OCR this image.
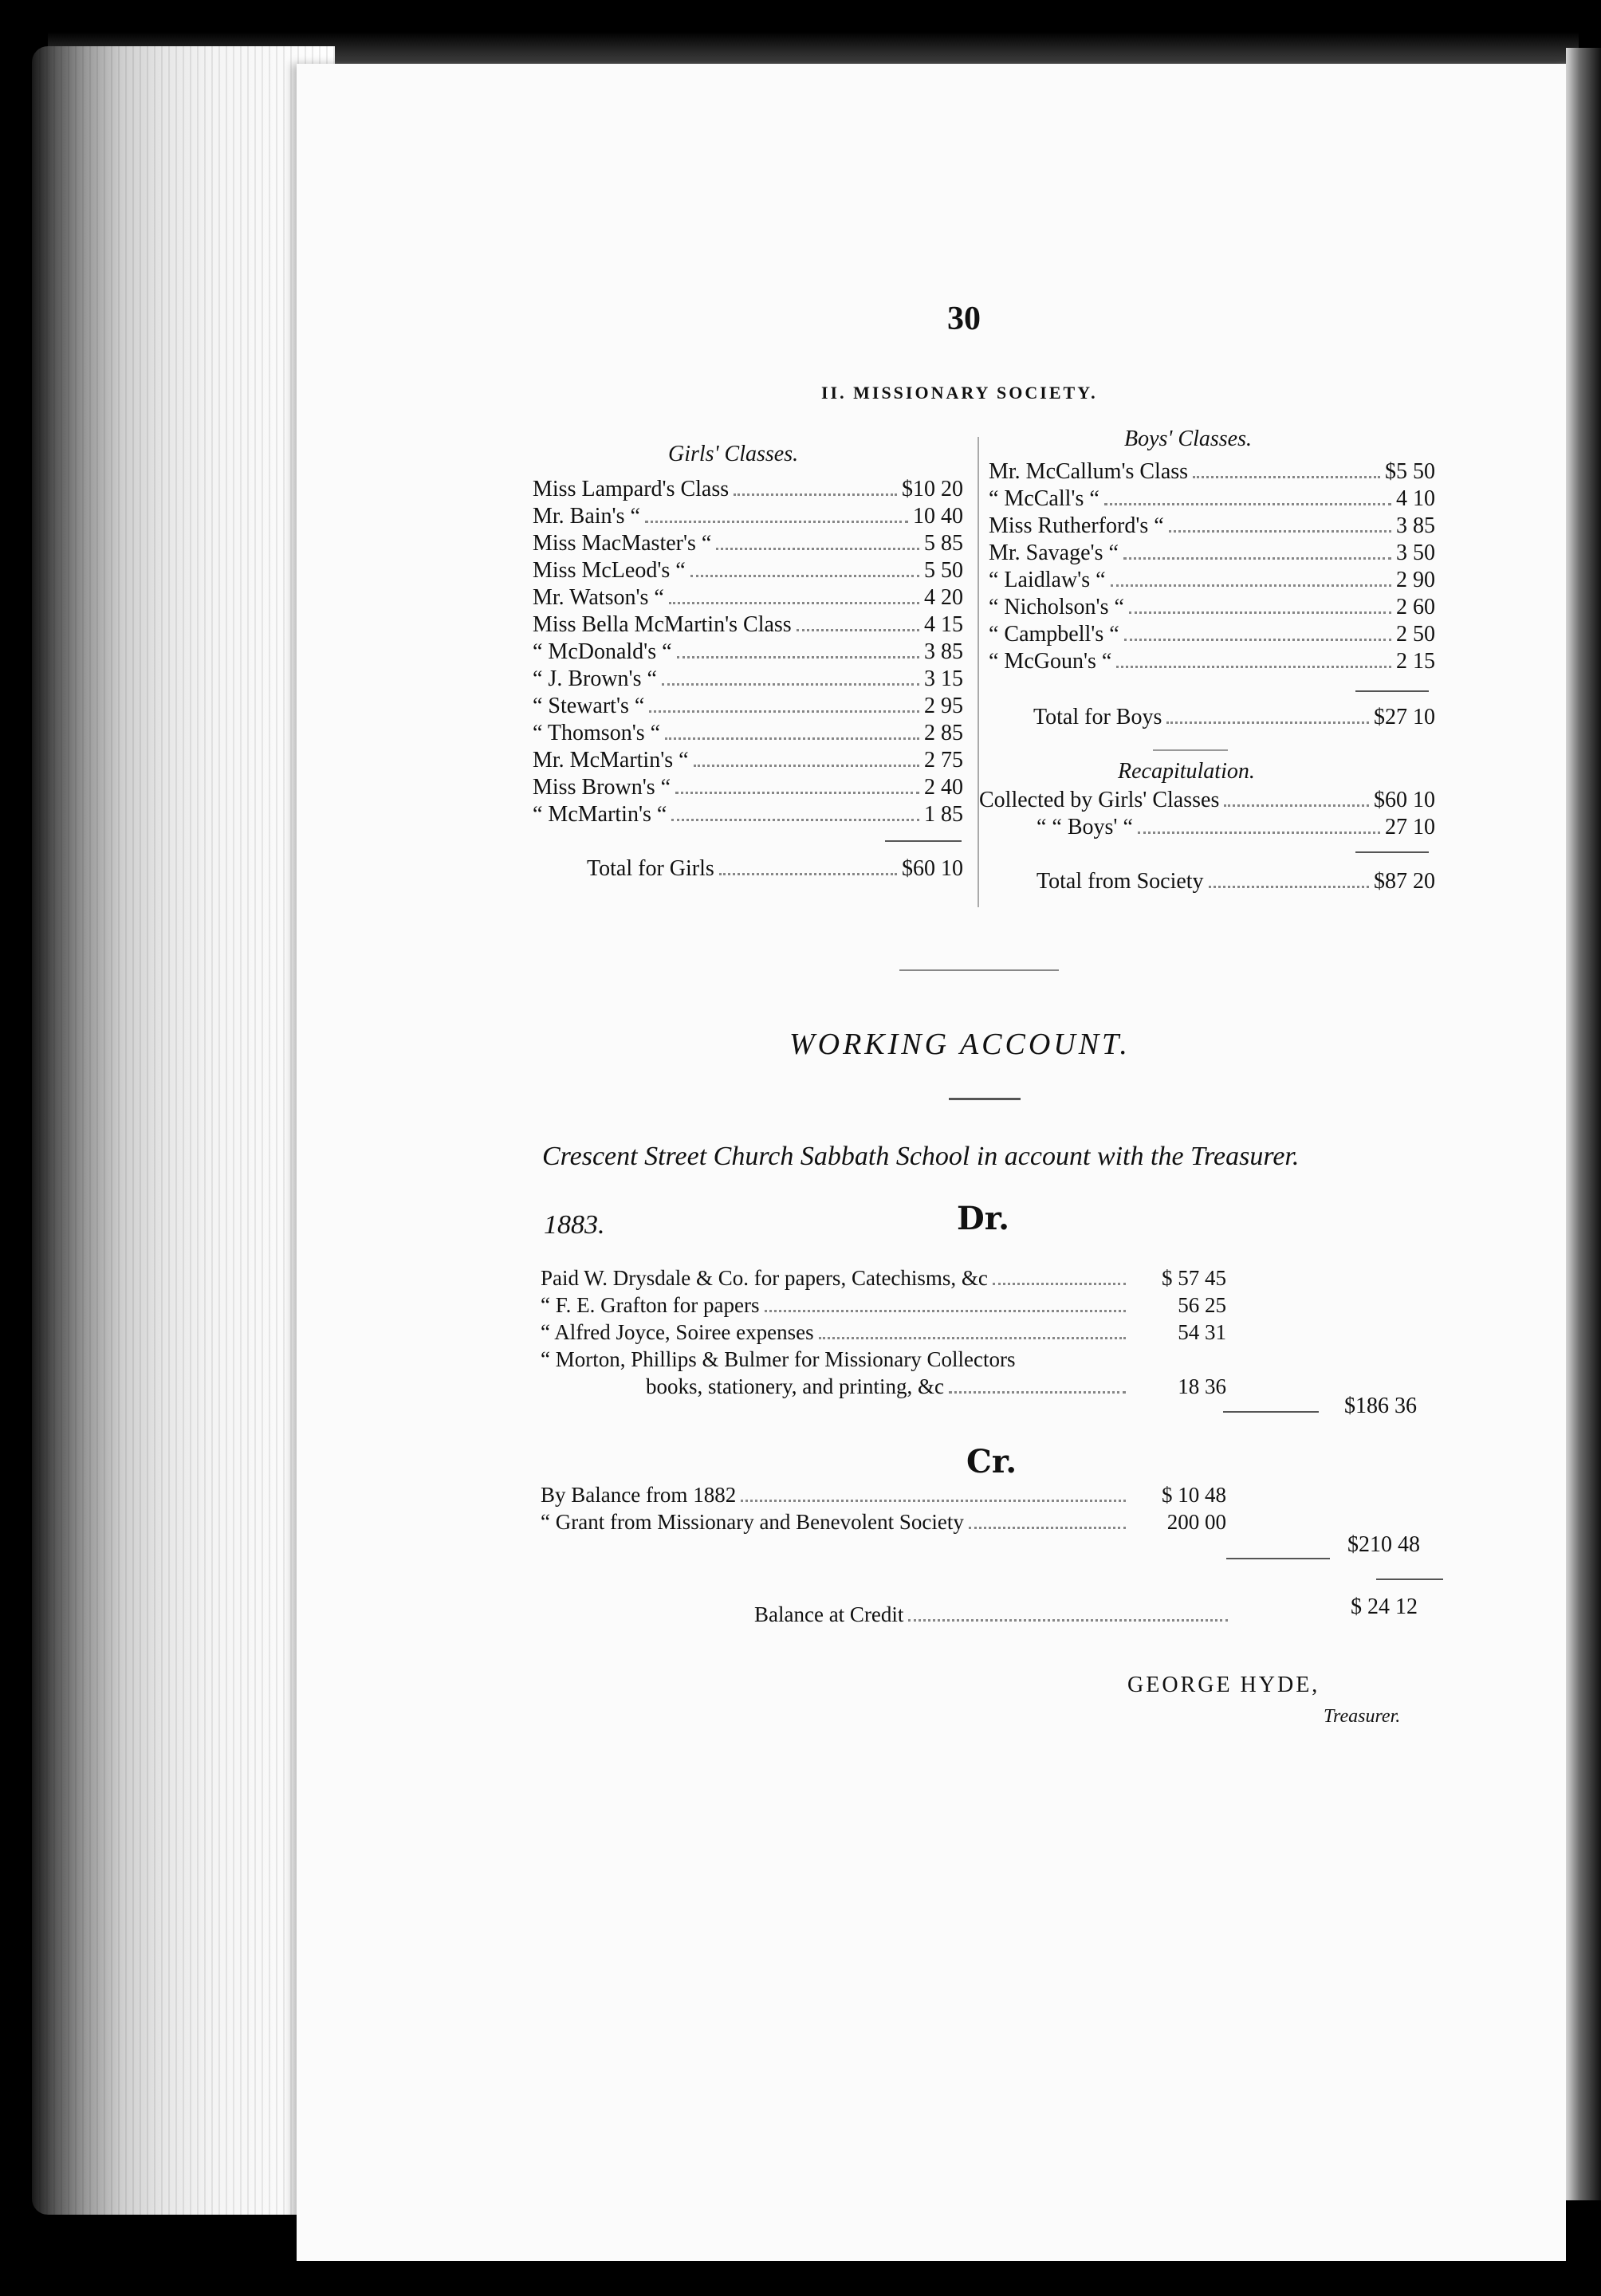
30
II. MISSIONARY SOCIETY.
Girls' Classes.
Miss Lampard's Class	$10 20
Mr. Bain's “	10 40
Miss MacMaster's “	5 85
Miss McLeod's “	5 50
Mr. Watson's “	4 20
Miss Bella McMartin's Class	4 15
“ McDonald's “	3 85
“ J. Brown's “	3 15
“ Stewart's “	2 95
“ Thomson's “	2 85
Mr. McMartin's “	2 75
Miss Brown's “	2 40
“ McMartin's “	1 85
Total for Girls	$60 10
Boys' Classes.
Mr. McCallum's Class	$5 50
“ McCall's “	4 10
Miss Rutherford's “	3 85
Mr. Savage's “	3 50
“ Laidlaw's “	2 90
“ Nicholson's “	2 60
“ Campbell's “	2 50
“ McGoun's “	2 15
Total for Boys	$27 10
Recapitulation.
Collected by Girls' Classes	$60 10
“ “ Boys' “	27 10
Total from Society	$87 20
WORKING ACCOUNT.
Crescent Street Church Sabbath School in account with the Treasurer.
1883.	Dr.
Paid W. Drysdale & Co. for papers, Catechisms, &c	$ 57 45
“ F. E. Grafton for papers	56 25
“ Alfred Joyce, Soiree expenses	54 31
“ Morton, Phillips & Bulmer for Missionary Collectors
books, stationery, and printing, &c	18 36
$186 36
Cr.
By Balance from 1882	$ 10 48
“ Grant from Missionary and Benevolent Society	200 00
$210 48
Balance at Credit	$ 24 12
GEORGE HYDE,
Treasurer.
